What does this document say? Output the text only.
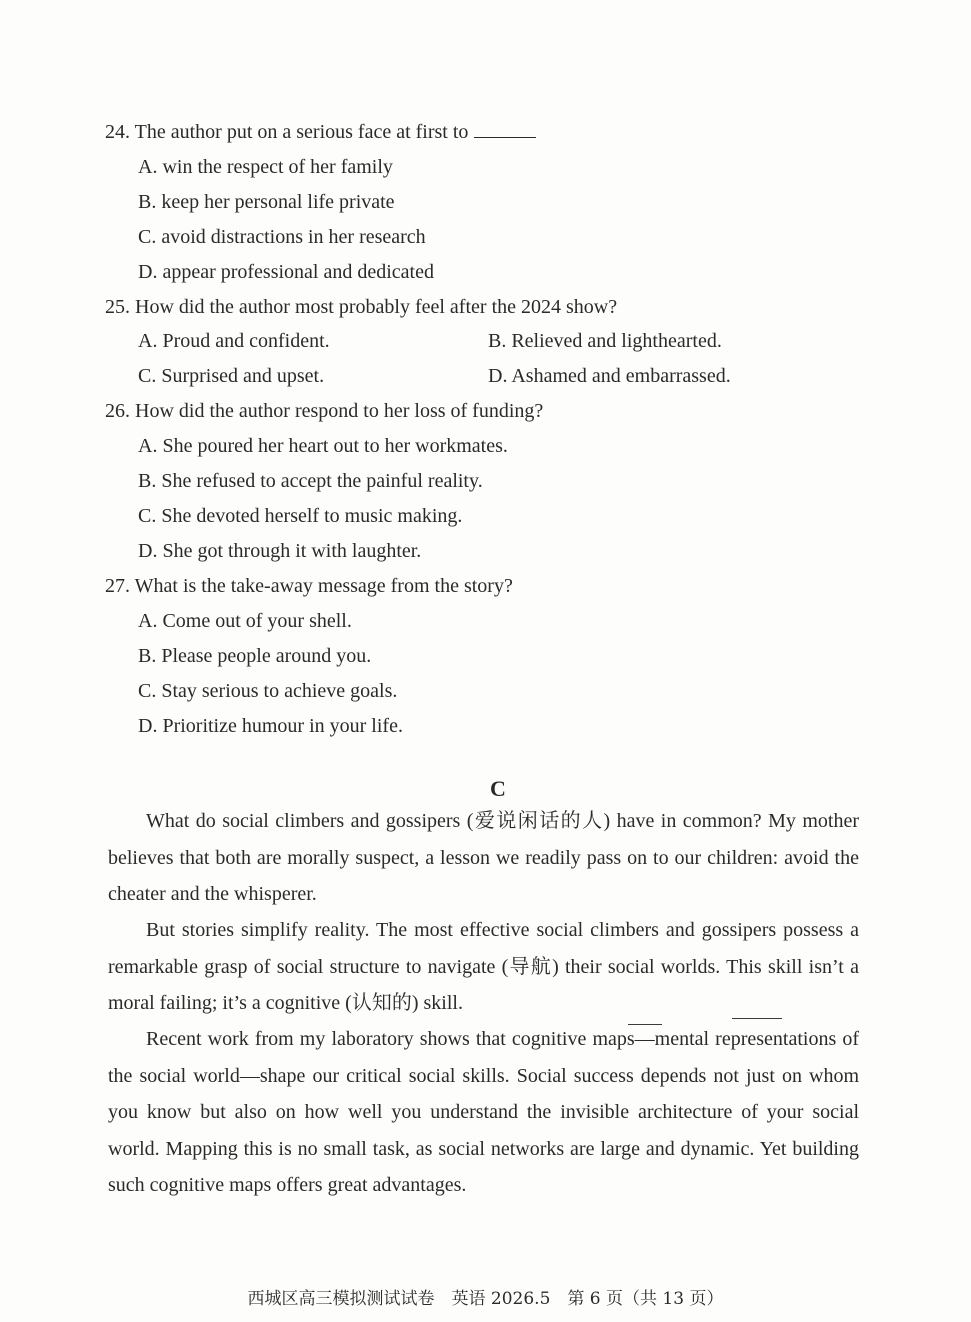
24. The author put on a serious face at first to
A. win the respect of her family
B. keep her personal life private
C. avoid distractions in her research
D. appear professional and dedicated
25. How did the author most probably feel after the 2024 show?
A. Proud and confident.	B. Relieved and lighthearted.
C. Surprised and upset.	D. Ashamed and embarrassed.
26. How did the author respond to her loss of funding?
A. She poured her heart out to her workmates.
B. She refused to accept the painful reality.
C. She devoted herself to music making.
D. She got through it with laughter.
27. What is the take-away message from the story?
A. Come out of your shell.
B. Please people around you.
C. Stay serious to achieve goals.
D. Prioritize humour in your life.
C
What do social climbers and gossipers (爱说闲话的人) have in common? My mother believes that both are morally suspect, a lesson we readily pass on to our children: avoid the cheater and the whisperer.
But stories simplify reality. The most effective social climbers and gossipers possess a remarkable grasp of social structure to navigate (导航) their social worlds. This skill isn’t a moral failing; it’s a cognitive (认知的) skill.
Recent work from my laboratory shows that cognitive maps—mental representations of the social world—shape our critical social skills. Social success depends not just on whom you know but also on how well you understand the invisible architecture of your social world. Mapping this is no small task, as social networks are large and dynamic. Yet building such cognitive maps offers great advantages.
西城区高三模拟测试试卷　英语 2026.5　第 6 页（共 13 页）
